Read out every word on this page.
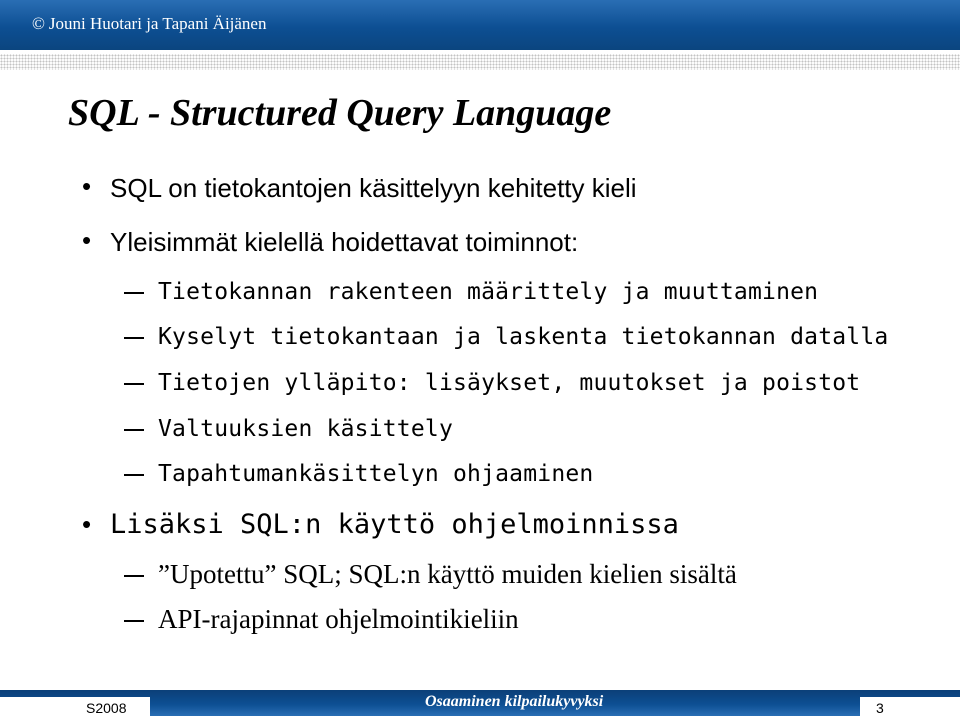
© Jouni Huotari ja Tapani Äijänen
SQL - Structured Query Language
• SQL on tietokantojen käsittelyyn kehitetty kieli
• Yleisimmät kielellä hoidettavat toiminnot:
Tietokannan rakenteen määrittely ja muuttaminen
Kyselyt tietokantaan ja laskenta tietokannan datalla
Tietojen ylläpito: lisäykset, muutokset ja poistot
Valtuuksien käsittely
Tapahtumankäsittelyn ohjaaminen
• Lisäksi SQL:n käyttö ohjelmoinnissa
”Upotettu” SQL; SQL:n käyttö muiden kielien sisältä
API-rajapinnat ohjelmointikieliin
S2008	Osaaminen kilpailukyvyksi	3
